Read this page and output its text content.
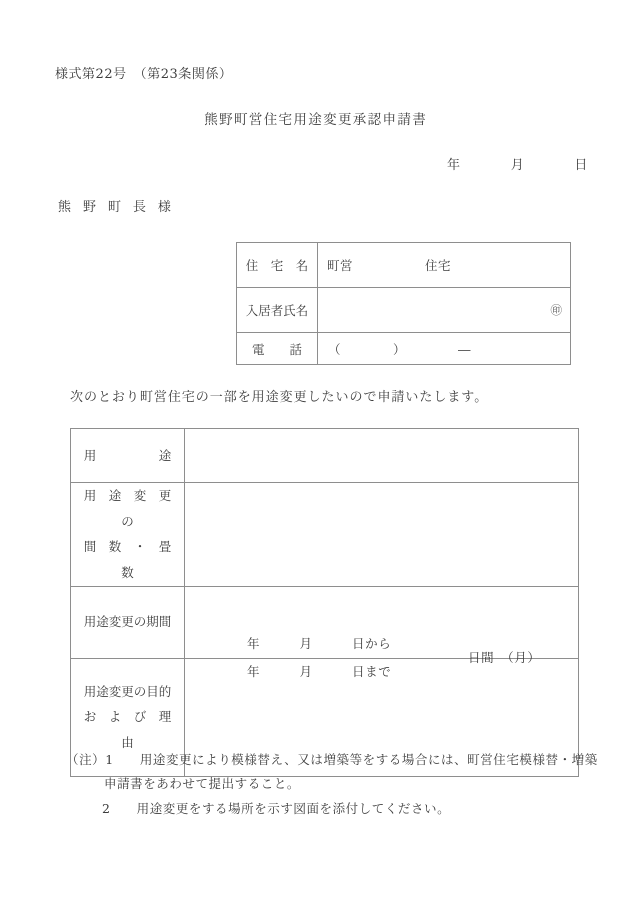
様式第22号　（第23条関係）
熊野町営住宅用途変更承認申請書
年　月　日
熊野町長様
住　宅　名	町営 住宅

入居者氏名	㊞

電　　話	（ ） ―
次のとおり町営住宅の一部を用途変更したいので申請いたします。
用　　　　　途	

用　途　変　更　の
間　数　・　畳　数	

用途変更の期間	年　　　月　　　日から
年　　　月　　　日まで
日間　（月）

用途変更の目的
お　よ　び　理　由	

（注）1　　用途変更により模様替え、又は増築等をする場合には、町営住宅模様替・増築
申請書をあわせて提出すること。
2　　用途変更をする場所を示す図面を添付してください。
